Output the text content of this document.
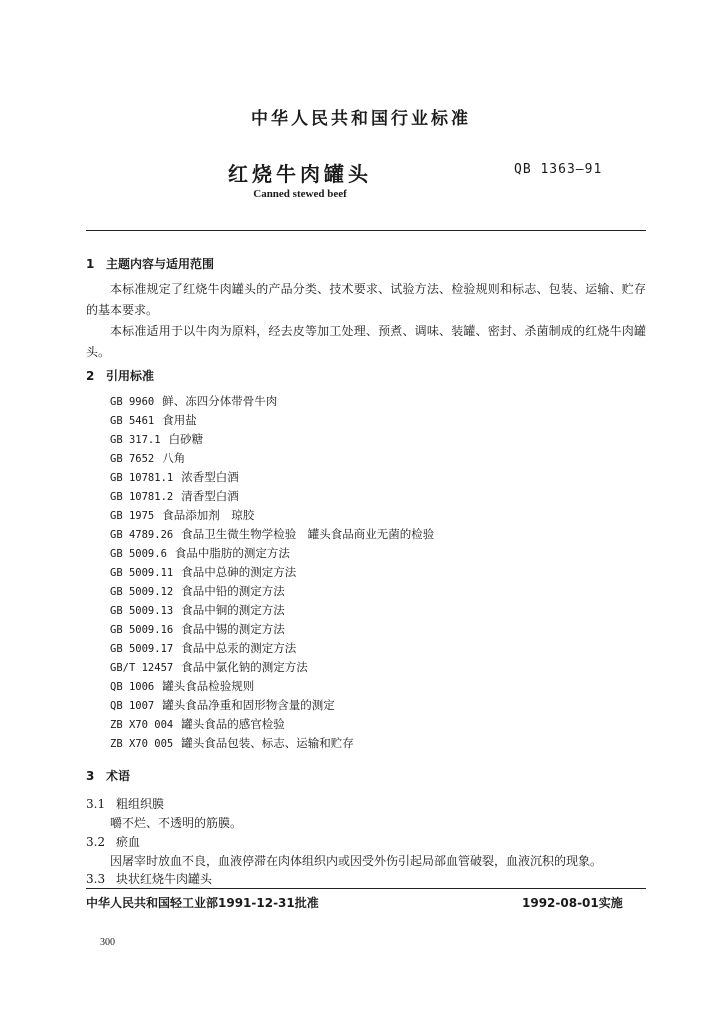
中华人民共和国行业标准
红烧牛肉罐头	QB 1363—91
Canned stewed beef
1 主题内容与适用范围
本标准规定了红烧牛肉罐头的产品分类、技术要求、试验方法、检验规则和标志、包装、运输、贮存的基本要求。
本标准适用于以牛肉为原料，经去皮等加工处理、预煮、调味、装罐、密封、杀菌制成的红烧牛肉罐头。
2 引用标准
GB 9960 鲜、冻四分体带骨牛肉
GB 5461 食用盐
GB 317.1 白砂糖
GB 7652 八角
GB 10781.1 浓香型白酒
GB 10781.2 清香型白酒
GB 1975 食品添加剂　琼胶
GB 4789.26 食品卫生微生物学检验　罐头食品商业无菌的检验
GB 5009.6 食品中脂肪的测定方法
GB 5009.11 食品中总砷的测定方法
GB 5009.12 食品中铅的测定方法
GB 5009.13 食品中铜的测定方法
GB 5009.16 食品中锡的测定方法
GB 5009.17 食品中总汞的测定方法
GB/T 12457 食品中氯化钠的测定方法
QB 1006 罐头食品检验规则
QB 1007 罐头食品净重和固形物含量的测定
ZB X70 004 罐头食品的感官检验
ZB X70 005 罐头食品包装、标志、运输和贮存
3 术语
3.1 粗组织膜
嚼不烂、不透明的筋膜。
3.2 瘀血
因屠宰时放血不良，血液停滞在肉体组织内或因受外伤引起局部血管破裂，血液沉积的现象。
3.3 块状红烧牛肉罐头
中华人民共和国轻工业部1991-12-31批准	1992-08-01实施
300
